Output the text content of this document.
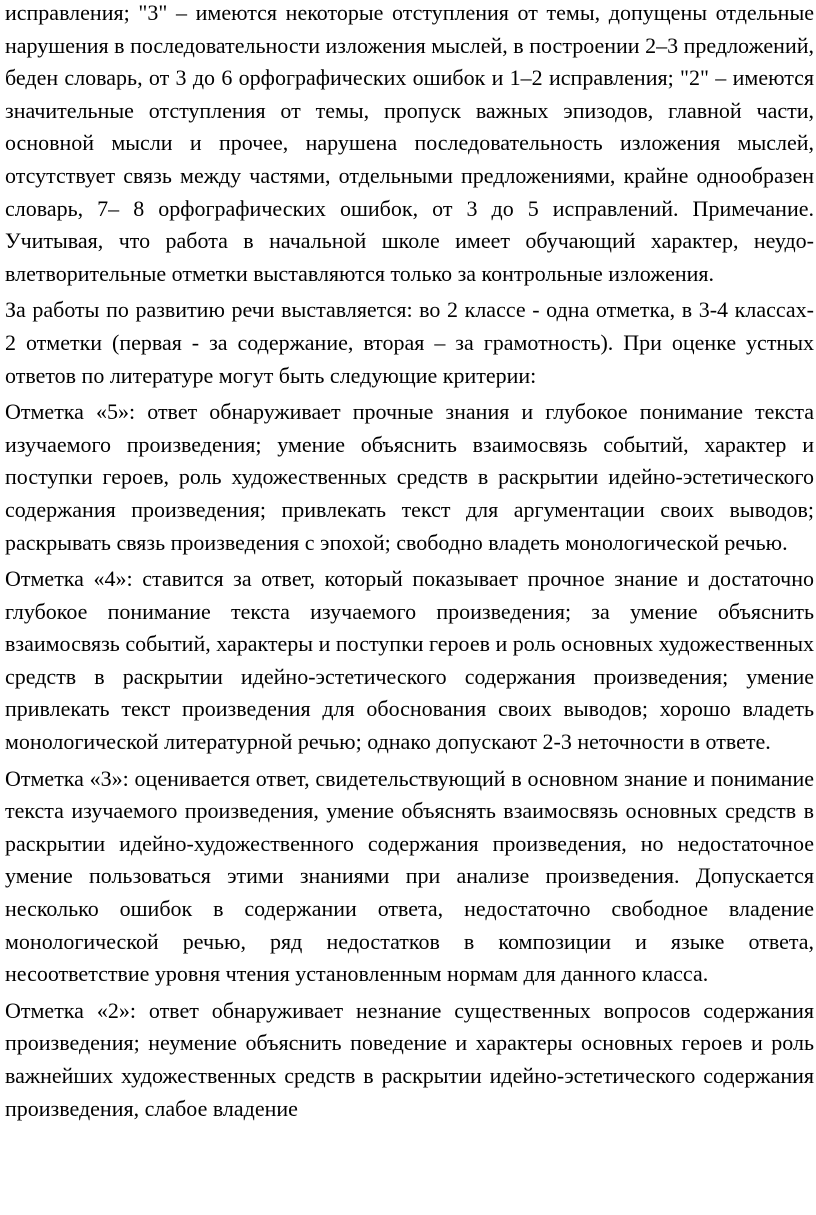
исправления; "3" – имеются некоторые отступления от темы, допущены отдельные нарушения в последовательности изложения мыслей, в построении 2–3 предложений, беден словарь, от 3 до 6 орфографических ошибок и 1–2 исправления; "2" – имеются значительные отступления от темы, пропуск важных эпизодов, главной части, основной мысли и прочее, нарушена последовательность изложения мыслей, отсутствует связь между частями, отдельными предложениями, крайне однообразен словарь, 7– 8 орфографических ошибок, от 3 до 5 исправлений. Примечание. Учитывая, что работа в начальной школе имеет обучающий характер, неудо-влетворительные отметки выставляются только за контрольные изложения.

За работы по развитию речи выставляется: во 2 классе - одна отметка, в 3-4 классах- 2 отметки (первая - за содержание, вторая – за грамотность). При оценке устных ответов по литературе могут быть следующие критерии:

Отметка «5»: ответ обнаруживает прочные знания и глубокое понимание текста изучаемого произведения; умение объяснить взаимосвязь событий, характер и поступки героев, роль художественных средств в раскрытии идейно-эстетического содержания произведения; привлекать текст для аргументации своих выводов; раскрывать связь произведения с эпохой; свободно владеть монологической речью.

Отметка «4»: ставится за ответ, который показывает прочное знание и достаточно глубокое понимание текста изучаемого произведения; за умение объяснить взаимосвязь событий, характеры и поступки героев и роль основных художественных средств в раскрытии идейно-эстетического содержания произведения; умение привлекать текст произведения для обоснования своих выводов; хорошо владеть монологической литературной речью; однако допускают 2-3 неточности в ответе.

Отметка «3»: оценивается ответ, свидетельствующий в основном знание и понимание текста изучаемого произведения, умение объяснять взаимосвязь основных средств в раскрытии идейно-художественного содержания произведения, но недостаточное умение пользоваться этими знаниями при анализе произведения. Допускается несколько ошибок в содержании ответа, недостаточно свободное владение монологической речью, ряд недостатков в композиции и языке ответа, несоответствие уровня чтения установленным нормам для данного класса.

Отметка «2»: ответ обнаруживает незнание существенных вопросов содержания произведения; неумение объяснить поведение и характеры основных героев и роль важнейших художественных средств в раскрытии идейно-эстетического содержания произведения, слабое владение
